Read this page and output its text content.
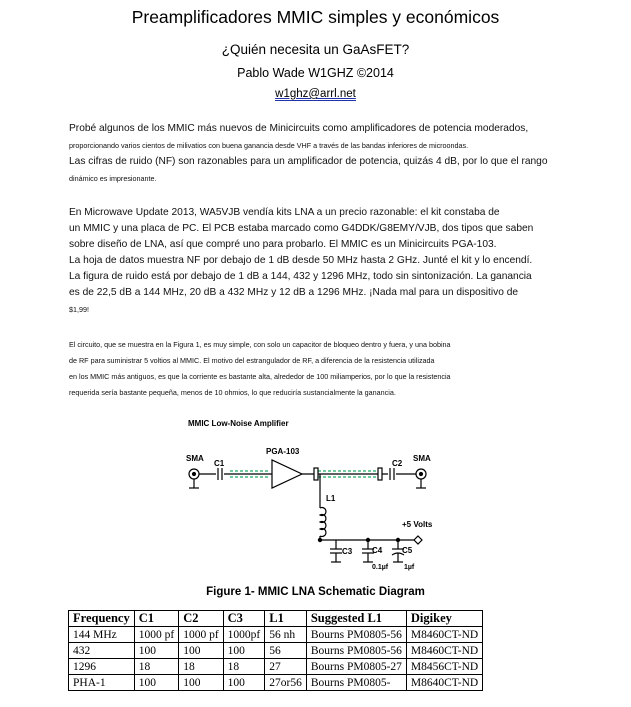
Preamplificadores MMIC simples y económicos
¿Quién necesita un GaAsFET?
Pablo Wade W1GHZ ©2014
w1ghz@arrl.net
Probé algunos de los MMIC más nuevos de Minicircuits como amplificadores de potencia moderados,
proporcionando varios cientos de milivatios con buena ganancia desde VHF a través de las bandas inferiores de microondas.
Las cifras de ruido (NF) son razonables para un amplificador de potencia, quizás 4 dB, por lo que el rango
dinámico es impresionante.
En Microwave Update 2013, WA5VJB vendía kits LNA a un precio razonable: el kit constaba de
un MMIC y una placa de PC. El PCB estaba marcado como G4DDK/G8EMY/VJB, dos tipos que saben
sobre diseño de LNA, así que compré uno para probarlo. El MMIC es un Minicircuits PGA-103.
La hoja de datos muestra NF por debajo de 1 dB desde 50 MHz hasta 2 GHz. Junté el kit y lo encendí.
La figura de ruido está por debajo de 1 dB a 144, 432 y 1296 MHz, todo sin sintonización. La ganancia
es de 22,5 dB a 144 MHz, 20 dB a 432 MHz y 12 dB a 1296 MHz. ¡Nada mal para un dispositivo de
$1,99!
El circuito, que se muestra en la Figura 1, es muy simple, con solo un capacitor de bloqueo dentro y fuera, y una bobina
de RF para suministrar 5 voltios al MMIC. El motivo del estrangulador de RF, a diferencia de la resistencia utilizada
en los MMIC más antiguos, es que la corriente es bastante alta, alrededor de 100 miliamperios, por lo que la resistencia
requerida sería bastante pequeña, menos de 10 ohmios, lo que reduciría sustancialmente la ganancia.
MMIC Low-Noise Amplifier
SMA
C1
PGA-103
C2
SMA
L1
+5 Volts
C3 C4
0.1µf
C5
1µf
Figure 1- MMIC LNA Schematic Diagram
Frequency	C1	C2	C3	L1	Suggested L1	Digikey
144 MHz	1000 pf	1000 pf	1000pf	56 nh	Bourns PM0805-56	M8460CT-ND
432	100	100	100	56	Bourns PM0805-56	M8460CT-ND
1296	18	18	18	27	Bourns PM0805-27	M8456CT-ND
PHA-1	100	100	100	27or56	Bourns PM0805-	M8640CT-ND
